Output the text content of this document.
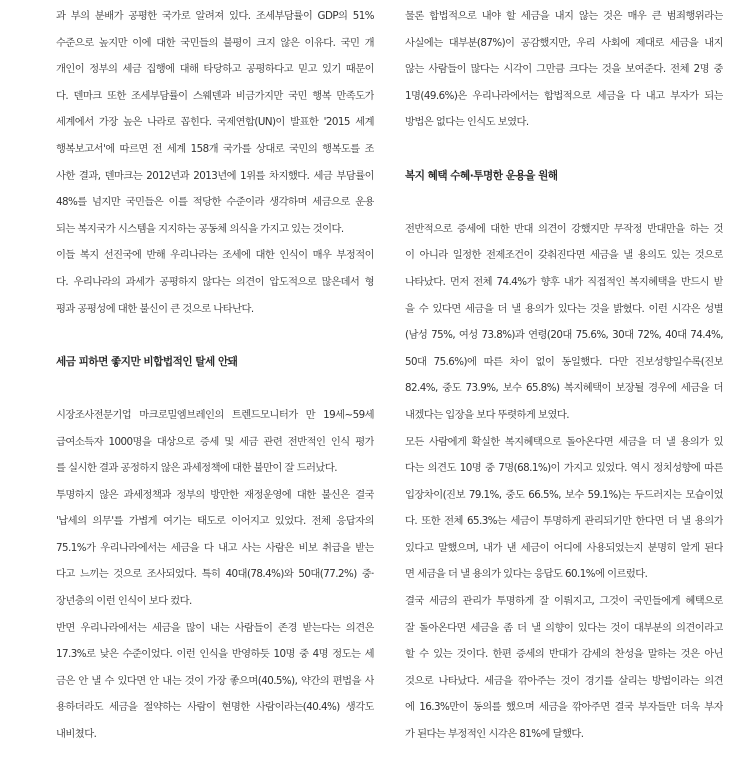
과 부의 분배가 공평한 국가로 알려져 있다. 조세부담률이 GDP의 51%
수준으로 높지만 이에 대한 국민들의 불평이 크지 않은 이유다. 국민 개
개인이 정부의 세금 집행에 대해 타당하고 공평하다고 믿고 있기 때문이
다. 덴마크 또한 조세부담률이 스웨덴과 비금가지만 국민 행복 만족도가
세계에서 가장 높은 나라로 꼽힌다. 국제연합(UN)이 발표한 '2015 세계
행복보고서'에 따르면 전 세계 158개 국가를 상대로 국민의 행복도를 조
사한 결과, 덴마크는 2012년과 2013년에 1위를 차지했다. 세금 부담률이
48%를 넘지만 국민들은 이를 적당한 수준이라 생각하며 세금으로 운용
되는 복지국가 시스템을 지지하는 공동체 의식을 가지고 있는 것이다.
이들 복지 선진국에 반해 우리나라는 조세에 대한 인식이 매우 부정적이
다. 우리나라의 과세가 공평하지 않다는 의견이 압도적으로 많은데서 형
평과 공평성에 대한 불신이 큰 것으로 나타난다.
세금 피하면 좋지만 비합법적인 탈세 안돼
시장조사전문기업 마크로밀엠브레인의 트렌드모니터가 만 19세~59세
급여소득자 1000명을 대상으로 증세 및 세금 관련 전반적인 인식 평가
를 실시한 결과 공정하지 않은 과세정책에 대한 불만이 잘 드러났다.
투명하지 않은 과세정책과 정부의 방만한 재정운영에 대한 불신은 결국
'납세의 의무'를 가볍게 여기는 태도로 이어지고 있었다. 전체 응답자의
75.1%가 우리나라에서는 세금을 다 내고 사는 사람은 비보 취급을 받는
다고 느끼는 것으로 조사되었다. 특히 40대(78.4%)와 50대(77.2%) 중·
장년층의 이런 인식이 보다 컸다.
반면 우리나라에서는 세금을 많이 내는 사람들이 존경 받는다는 의견은
17.3%로 낮은 수준이었다. 이런 인식을 반영하듯 10명 중 4명 정도는 세
금은 안 낼 수 있다면 안 내는 것이 가장 좋으며(40.5%), 약간의 편법을 사
용하더라도 세금을 절약하는 사람이 현명한 사람이라는(40.4%) 생각도
내비쳤다.
물론 합법적으로 내야 할 세금을 내지 않는 것은 매우 큰 범죄행위라는
사실에는 대부분(87%)이 공감했지만, 우리 사회에 제대로 세금을 내지
않는 사람들이 많다는 시각이 그만큼 크다는 것을 보여준다. 전체 2명 중
1명(49.6%)은 우리나라에서는 합법적으로 세금을 다 내고 부자가 되는
방법은 없다는 인식도 보였다.
복지 혜택 수혜·투명한 운용을 원해
전반적으로 증세에 대한 반대 의견이 강했지만 무작정 반대만을 하는 것
이 아니라 일정한 전제조건이 갖춰진다면 세금을 낼 용의도 있는 것으로
나타났다. 먼저 전체 74.4%가 향후 내가 직접적인 복지혜택을 반드시 받
을 수 있다면 세금을 더 낼 용의가 있다는 것을 밝혔다. 이런 시각은 성별
(남성 75%, 여성 73.8%)과 연령(20대 75.6%, 30대 72%, 40대 74.4%,
50대 75.6%)에 따른 차이 없이 동일했다. 다만 진보성향일수록(진보
82.4%, 중도 73.9%, 보수 65.8%) 복지혜택이 보장될 경우에 세금을 더
내겠다는 입장을 보다 뚜렷하게 보였다.
모든 사람에게 확실한 복지혜택으로 돌아온다면 세금을 더 낼 용의가 있
다는 의견도 10명 중 7명(68.1%)이 가지고 있었다. 역시 정치성향에 따른
입장차이(진보 79.1%, 중도 66.5%, 보수 59.1%)는 두드러지는 모습이었
다. 또한 전체 65.3%는 세금이 투명하게 관리되기만 한다면 더 낼 용의가
있다고 말했으며, 내가 낸 세금이 어디에 사용되었는지 분명히 알게 된다
면 세금을 더 낼 용의가 있다는 응답도 60.1%에 이르렀다.
결국 세금의 관리가 투명하게 잘 이뤄지고, 그것이 국민들에게 혜택으로
잘 돌아온다면 세금을 좀 더 낼 의향이 있다는 것이 대부분의 의견이라고
할 수 있는 것이다. 한편 증세의 반대가 감세의 찬성을 말하는 것은 아닌
것으로 나타났다. 세금을 깎아주는 것이 경기를 살리는 방법이라는 의견
에 16.3%만이 동의를 했으며 세금을 깎아주면 결국 부자들만 더욱 부자
가 된다는 부정적인 시각은 81%에 달했다.
